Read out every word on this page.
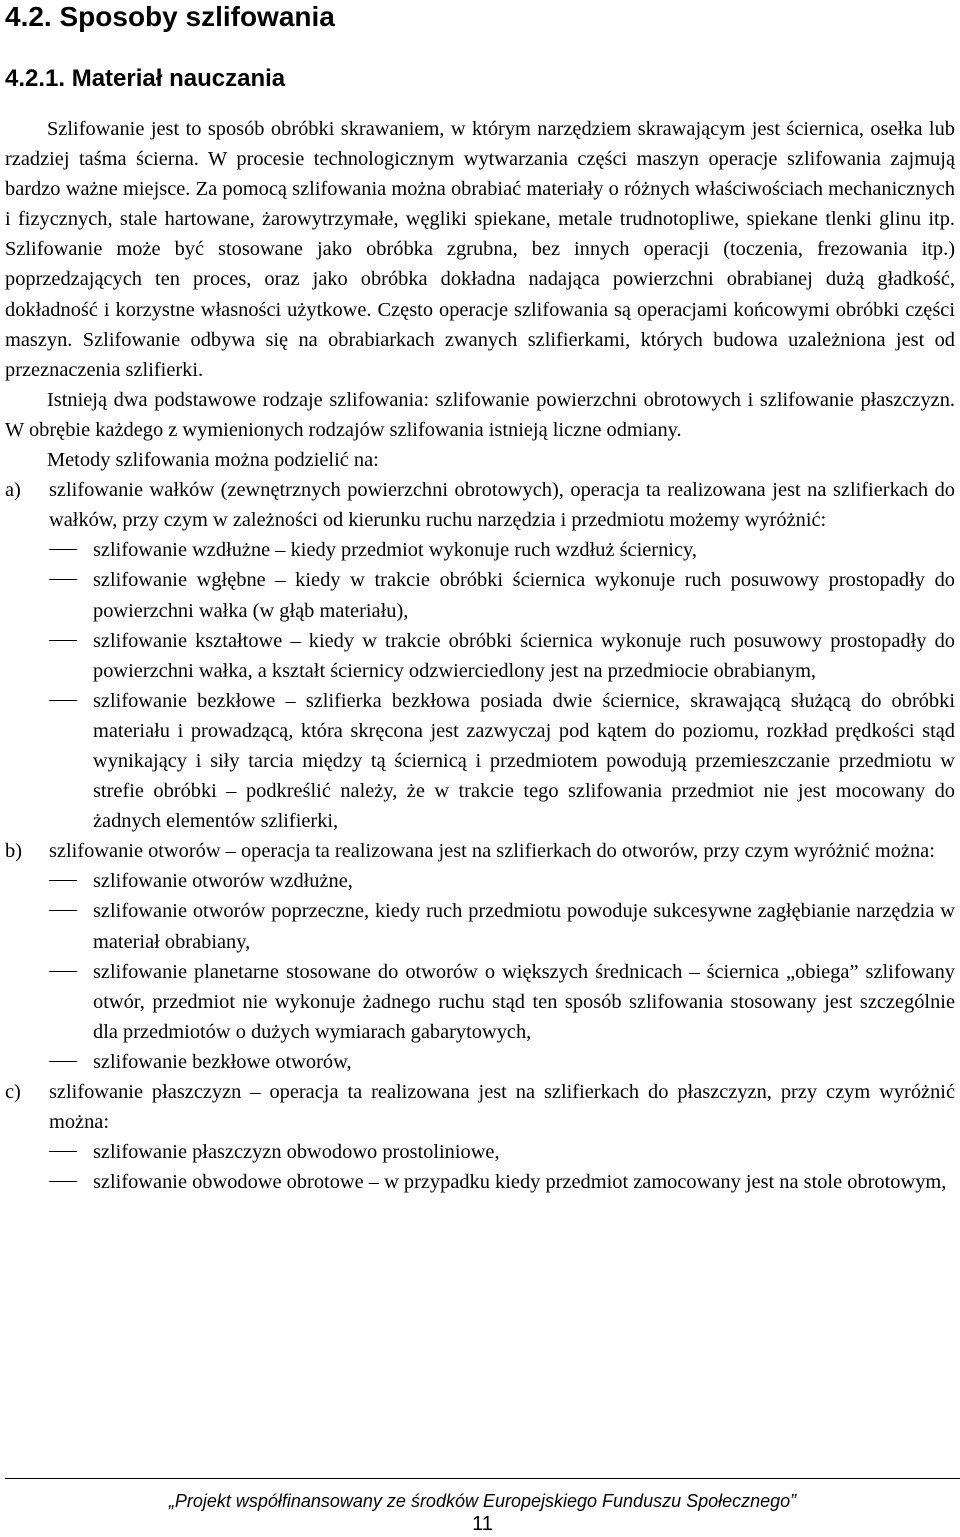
4.2. Sposoby szlifowania
4.2.1. Materiał nauczania

Szlifowanie jest to sposób obróbki skrawaniem, w którym narzędziem skrawającym jest ściernica, osełka lub rzadziej taśma ścierna. W procesie technologicznym wytwarzania części maszyn operacje szlifowania zajmują bardzo ważne miejsce. Za pomocą szlifowania można obrabiać materiały o różnych właściwościach mechanicznych i fizycznych, stale hartowane, żarowytrzymałe, węgliki spiekane, metale trudnotopliwe, spiekane tlenki glinu itp. Szlifowanie może być stosowane jako obróbka zgrubna, bez innych operacji (toczenia, frezowania itp.) poprzedzających ten proces, oraz jako obróbka dokładna nadająca powierzchni obrabianej dużą gładkość, dokładność i korzystne własności użytkowe. Często operacje szlifowania są operacjami końcowymi obróbki części maszyn. Szlifowanie odbywa się na obrabiarkach zwanych szlifierkami, których budowa uzależniona jest od przeznaczenia szlifierki.

Istnieją dwa podstawowe rodzaje szlifowania: szlifowanie powierzchni obrotowych i szlifowanie płaszczyzn. W obrębie każdego z wymienionych rodzajów szlifowania istnieją liczne odmiany.

Metody szlifowania można podzielić na:

a) szlifowanie wałków (zewnętrznych powierzchni obrotowych), operacja ta realizowana jest na szlifierkach do wałków, przy czym w zależności od kierunku ruchu narzędzia i przedmiotu możemy wyróżnić:
szlifowanie wzdłużne – kiedy przedmiot wykonuje ruch wzdłuż ściernicy,
szlifowanie wgłębne – kiedy w trakcie obróbki ściernica wykonuje ruch posuwowy prostopadły do powierzchni wałka (w głąb materiału),
szlifowanie kształtowe – kiedy w trakcie obróbki ściernica wykonuje ruch posuwowy prostopadły do powierzchni wałka, a kształt ściernicy odzwierciedlony jest na przedmiocie obrabianym,
szlifowanie bezkłowe – szlifierka bezkłowa posiada dwie ściernice, skrawającą służącą do obróbki materiału i prowadzącą, która skręcona jest zazwyczaj pod kątem do poziomu, rozkład prędkości stąd wynikający i siły tarcia między tą ściernicą i przedmiotem powodują przemieszczanie przedmiotu w strefie obróbki – podkreślić należy, że w trakcie tego szlifowania przedmiot nie jest mocowany do żadnych elementów szlifierki,
b) szlifowanie otworów – operacja ta realizowana jest na szlifierkach do otworów, przy czym wyróżnić można:
szlifowanie otworów wzdłużne,
szlifowanie otworów poprzeczne, kiedy ruch przedmiotu powoduje sukcesywne zagłębianie narzędzia w materiał obrabiany,
szlifowanie planetarne stosowane do otworów o większych średnicach – ściernica „obiega” szlifowany otwór, przedmiot nie wykonuje żadnego ruchu stąd ten sposób szlifowania stosowany jest szczególnie dla przedmiotów o dużych wymiarach gabarytowych,
szlifowanie bezkłowe otworów,
c) szlifowanie płaszczyzn – operacja ta realizowana jest na szlifierkach do płaszczyzn, przy czym wyróżnić można:
szlifowanie płaszczyzn obwodowo prostoliniowe,
szlifowanie obwodowe obrotowe – w przypadku kiedy przedmiot zamocowany jest na stole obrotowym,
„Projekt współfinansowany ze środków Europejskiego Funduszu Społecznego”
11
